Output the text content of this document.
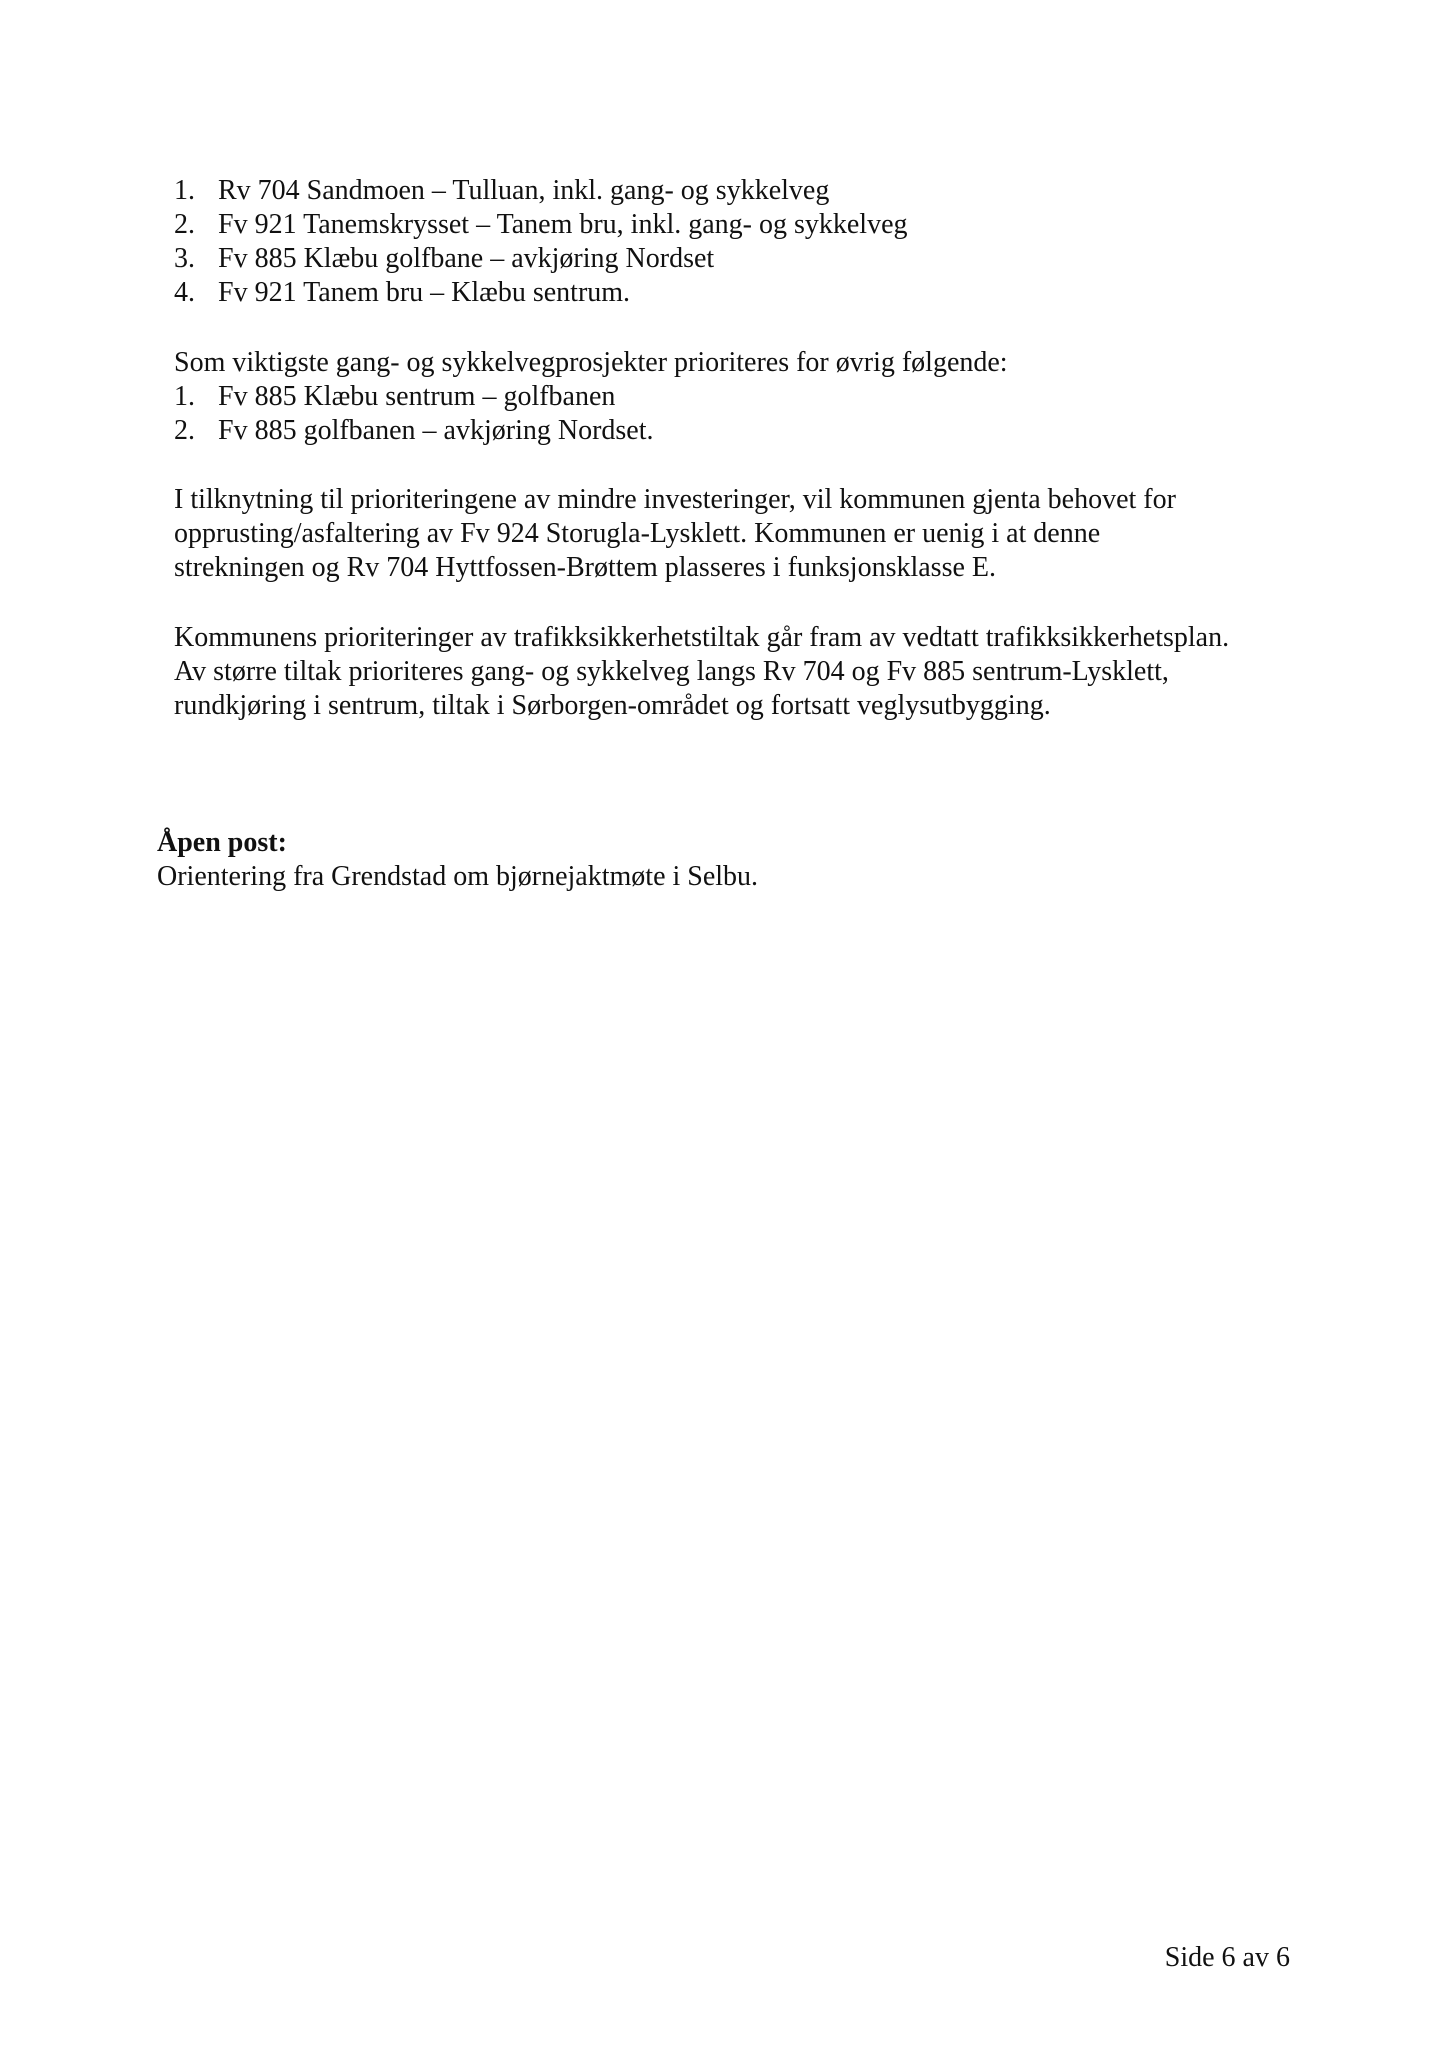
1. Rv 704 Sandmoen – Tulluan, inkl. gang- og sykkelveg
2. Fv 921 Tanemskrysset – Tanem bru, inkl. gang- og sykkelveg
3. Fv 885 Klæbu golfbane – avkjøring Nordset
4. Fv 921 Tanem bru – Klæbu sentrum.
Som viktigste gang- og sykkelvegprosjekter prioriteres for øvrig følgende:
1. Fv 885 Klæbu sentrum – golfbanen
2. Fv 885 golfbanen – avkjøring Nordset.
I tilknytning til prioriteringene av mindre investeringer, vil kommunen gjenta behovet for
opprusting/asfaltering av Fv 924 Storugla-Lysklett. Kommunen er uenig i at denne
strekningen og Rv 704 Hyttfossen-Brøttem plasseres i funksjonsklasse E.
Kommunens prioriteringer av trafikksikkerhetstiltak går fram av vedtatt trafikksikkerhetsplan.
Av større tiltak prioriteres gang- og sykkelveg langs Rv 704 og Fv 885 sentrum-Lysklett,
rundkjøring i sentrum, tiltak i Sørborgen-området og fortsatt veglysutbygging.
Åpen post:
Orientering fra Grendstad om bjørnejaktmøte i Selbu.
Side 6 av 6
